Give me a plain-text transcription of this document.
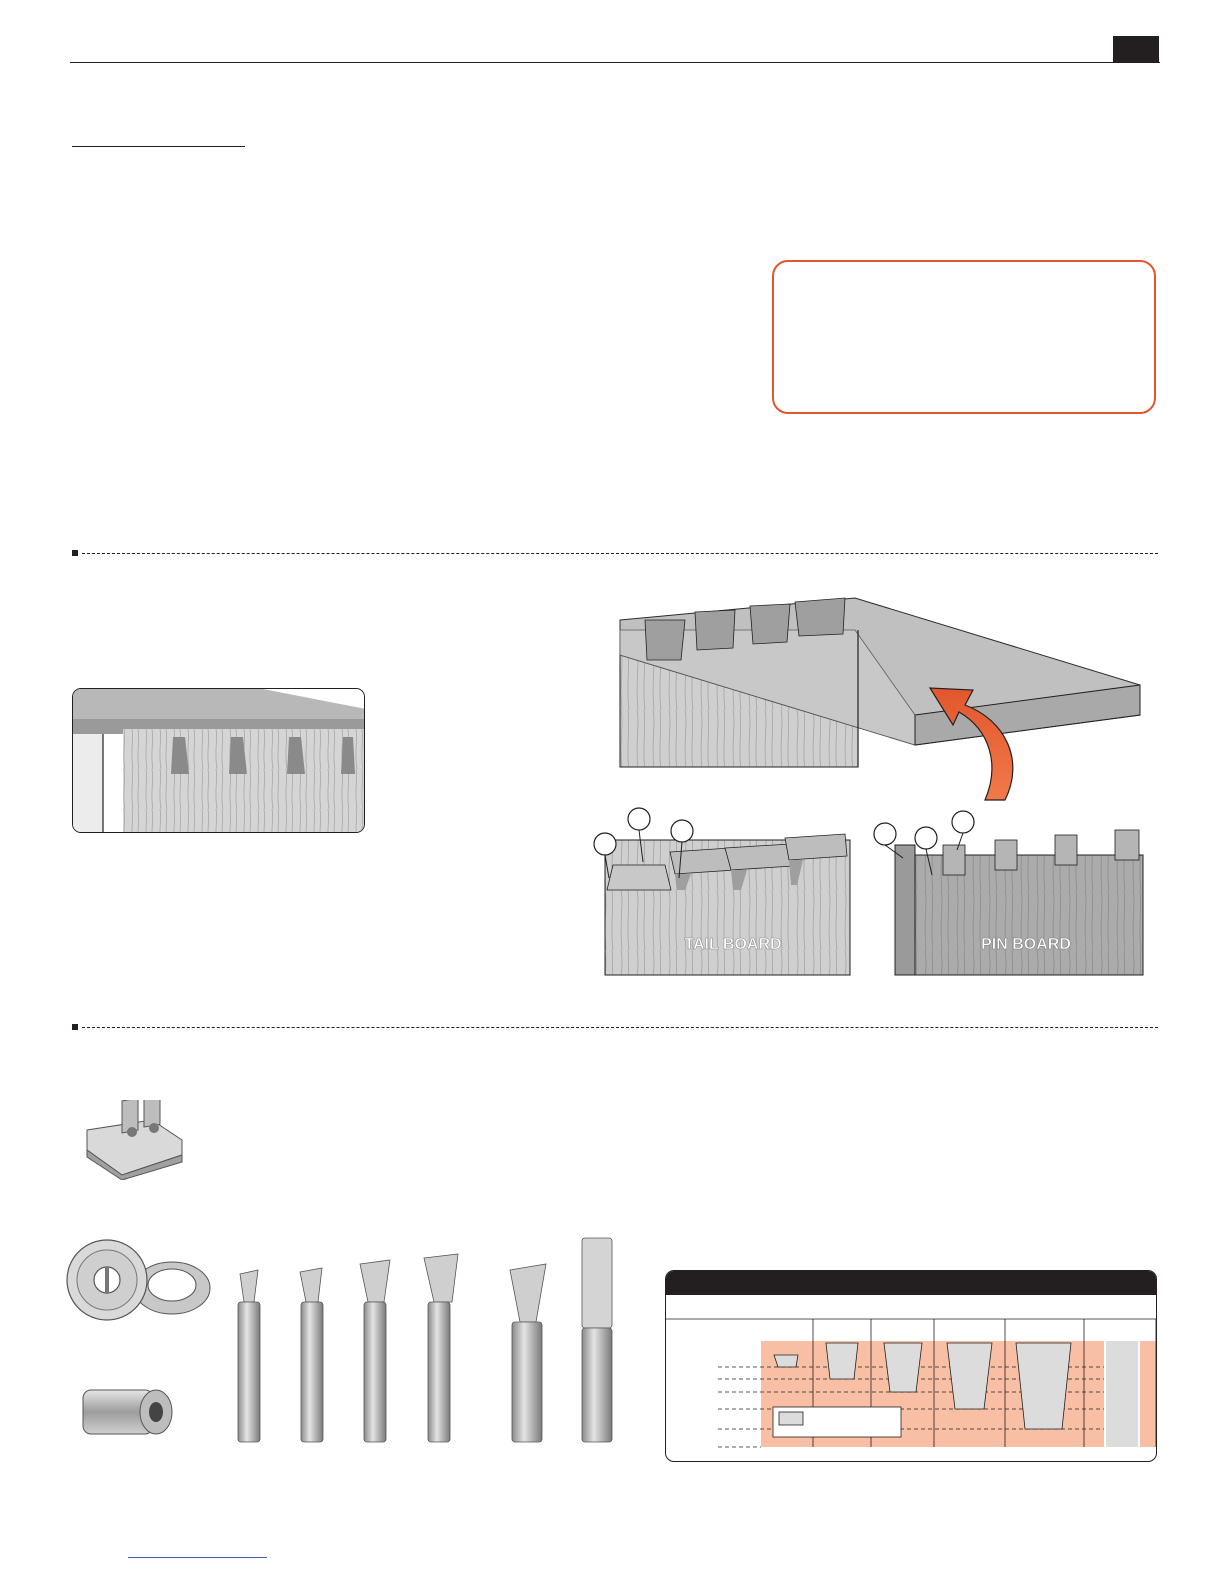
TAIL BOARD	PIN BOARD
